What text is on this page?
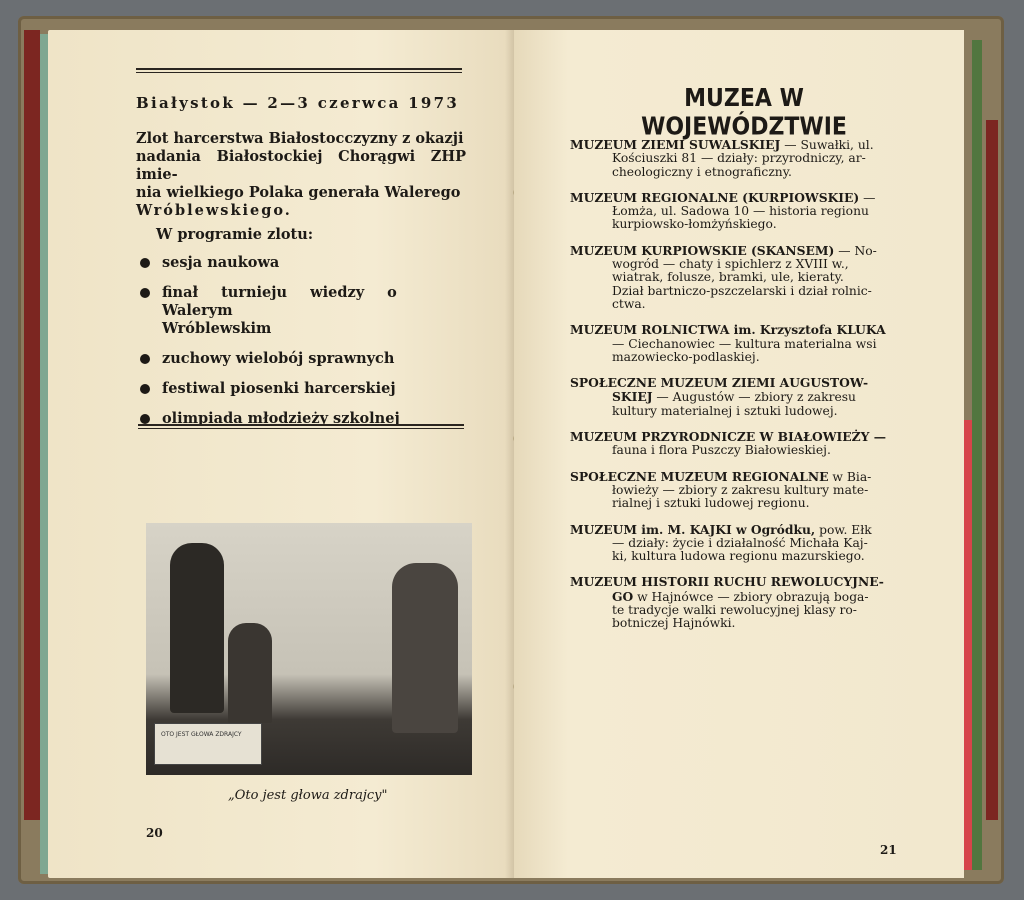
Białystok — 2—3 czerwca 1973
Zlot harcerstwa Białostocczyzny z okazji
nadania Białostockiej Chorągwi ZHP imie-
nia wielkiego Polaka generała Walerego
Wróblewskiego.
W programie zlotu:
sesja naukowa
finał turnieju wiedzy o Walerym
Wróblewskim
zuchowy wielobój sprawnych
festiwal piosenki harcerskiej
olimpiada młodzieży szkolnej
OTO JEST GŁOWA ZDRAJCY
„Oto jest głowa zdrajcy"
20
MUZEA W WOJEWÓDZTWIE
MUZEUM ZIEMI SUWALSKIEJ — Suwałki, ul.
Kościuszki 81 — działy: przyrodniczy, ar-
cheologiczny i etnograficzny.
MUZEUM REGIONALNE (KURPIOWSKIE) —
Łomża, ul. Sadowa 10 — historia regionu
kurpiowsko-łomżyńskiego.
MUZEUM KURPIOWSKIE (SKANSEM) — No-
wogród — chaty i spichlerz z XVIII w.,
wiatrak, folusze, bramki, ule, kieraty.
Dział bartniczo-pszczelarski i dział rolnic-
ctwa.
MUZEUM ROLNICTWA im. Krzysztofa KLUKA
— Ciechanowiec — kultura materialna wsi
mazowiecko-podlaskiej.
SPOŁECZNE MUZEUM ZIEMI AUGUSTOW-
SKIEJ — Augustów — zbiory z zakresu
kultury materialnej i sztuki ludowej.
MUZEUM PRZYRODNICZE W BIAŁOWIEŻY —
fauna i flora Puszczy Białowieskiej.
SPOŁECZNE MUZEUM REGIONALNE w Bia-
łowieży — zbiory z zakresu kultury mate-
rialnej i sztuki ludowej regionu.
MUZEUM im. M. KAJKI w Ogródku, pow. Ełk
— działy: życie i działalność Michała Kaj-
ki, kultura ludowa regionu mazurskiego.
MUZEUM HISTORII RUCHU REWOLUCYJNE-
GO w Hajnówce — zbiory obrazują boga-
te tradycje walki rewolucyjnej klasy ro-
botniczej Hajnówki.
21
